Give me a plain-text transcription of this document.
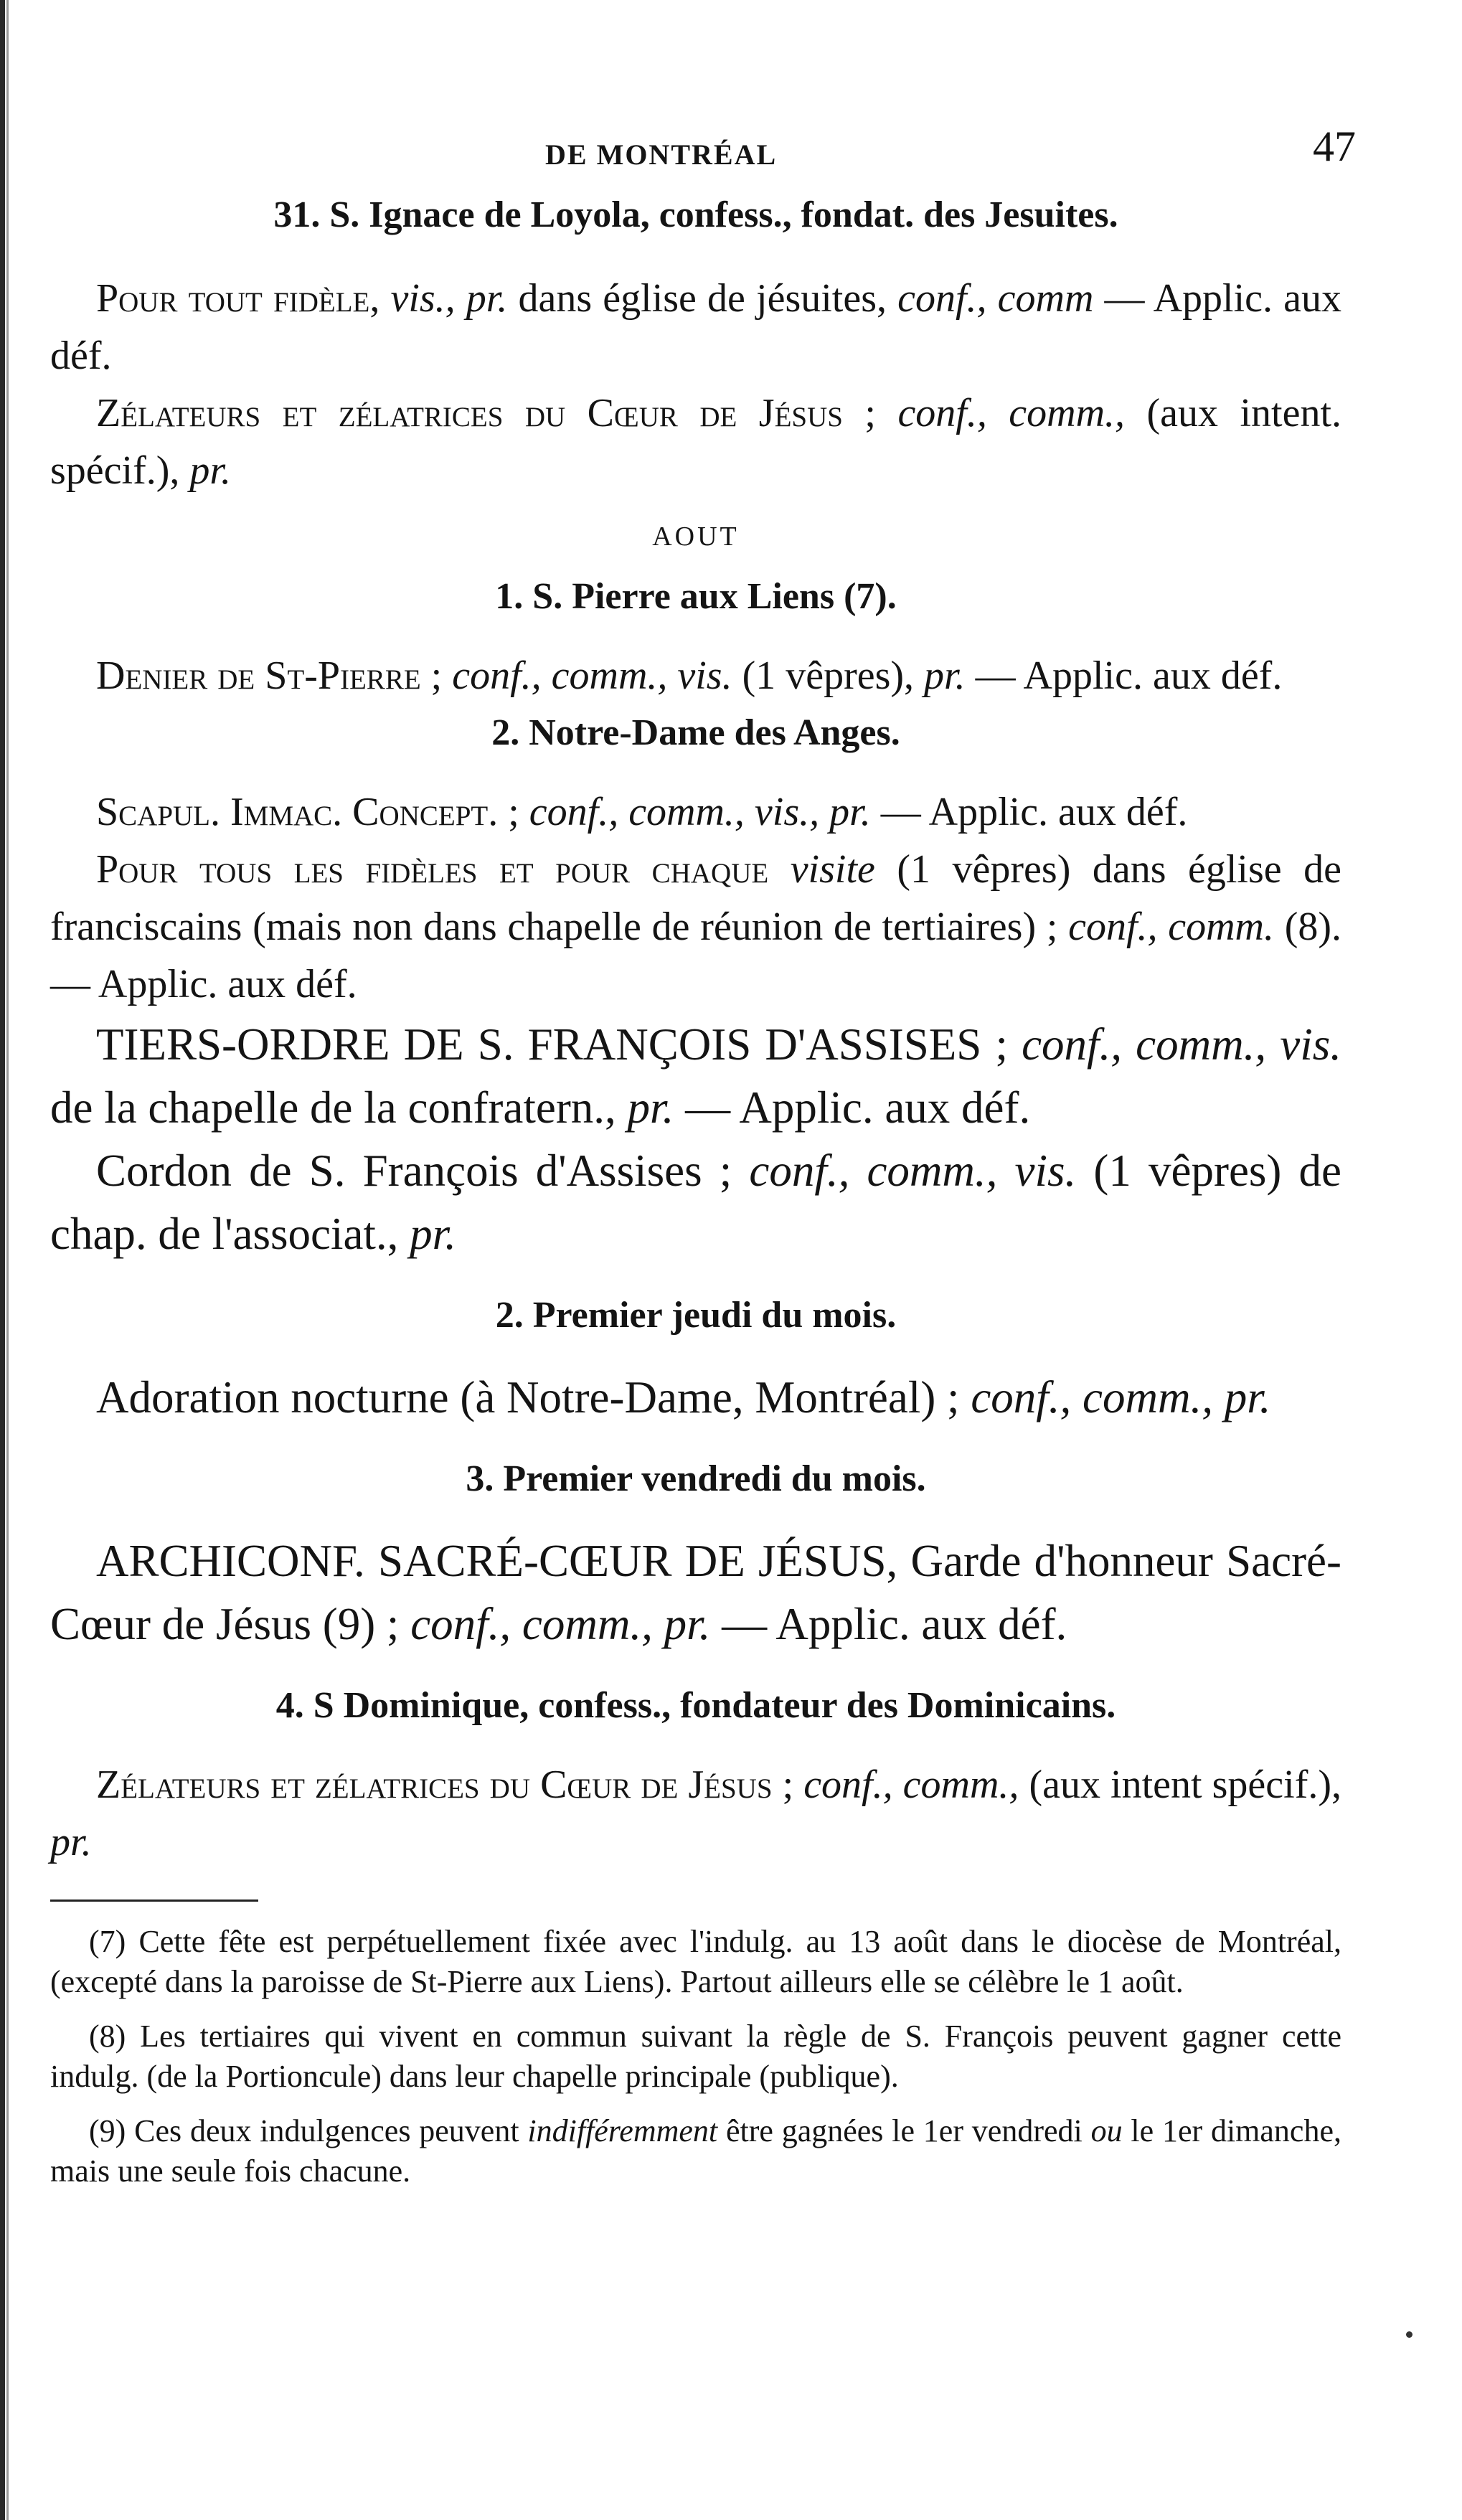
DE MONTRÉAL	47
31. S. Ignace de Loyola, confess., fondat. des Jesuites.

Pour tout fidèle, vis., pr. dans église de jésuites, conf., comm — Applic. aux déf.

Zélateurs et zélatrices du Cœur de Jésus ; conf., comm., (aux intent. spécif.), pr.

AOUT
1. S. Pierre aux Liens (7).

Denier de St-Pierre ; conf., comm., vis. (1 vêpres), pr. — Applic. aux déf.

2. Notre-Dame des Anges.

Scapul. Immac. Concept. ; conf., comm., vis., pr. — Applic. aux déf.

Pour tous les fidèles et pour chaque visite (1 vêpres) dans église de franciscains (mais non dans chapelle de réunion de tertiaires) ; conf., comm. (8). — Applic. aux déf.

TIERS-ORDRE DE S. FRANÇOIS D'ASSISES ; conf., comm., vis. de la chapelle de la confratern., pr. — Applic. aux déf.

Cordon de S. François d'Assises ; conf., comm., vis. (1 vêpres) de chap. de l'associat., pr.

2. Premier jeudi du mois.

Adoration nocturne (à Notre-Dame, Montréal) ; conf., comm., pr.

3. Premier vendredi du mois.

ARCHICONF. SACRÉ-CŒUR DE JÉSUS, Garde d'honneur Sacré-Cœur de Jésus (9) ; conf., comm., pr. — Applic. aux déf.

4. S Dominique, confess., fondateur des Dominicains.

Zélateurs et zélatrices du Cœur de Jésus ; conf., comm., (aux intent spécif.), pr.

(7) Cette fête est perpétuellement fixée avec l'indulg. au 13 août dans le diocèse de Montréal, (excepté dans la paroisse de St-Pierre aux Liens). Partout ailleurs elle se célèbre le 1 août.

(8) Les tertiaires qui vivent en commun suivant la règle de S. François peuvent gagner cette indulg. (de la Portioncule) dans leur chapelle principale (publique).

(9) Ces deux indulgences peuvent indifféremment être gagnées le 1er vendredi ou le 1er dimanche, mais une seule fois chacune.
